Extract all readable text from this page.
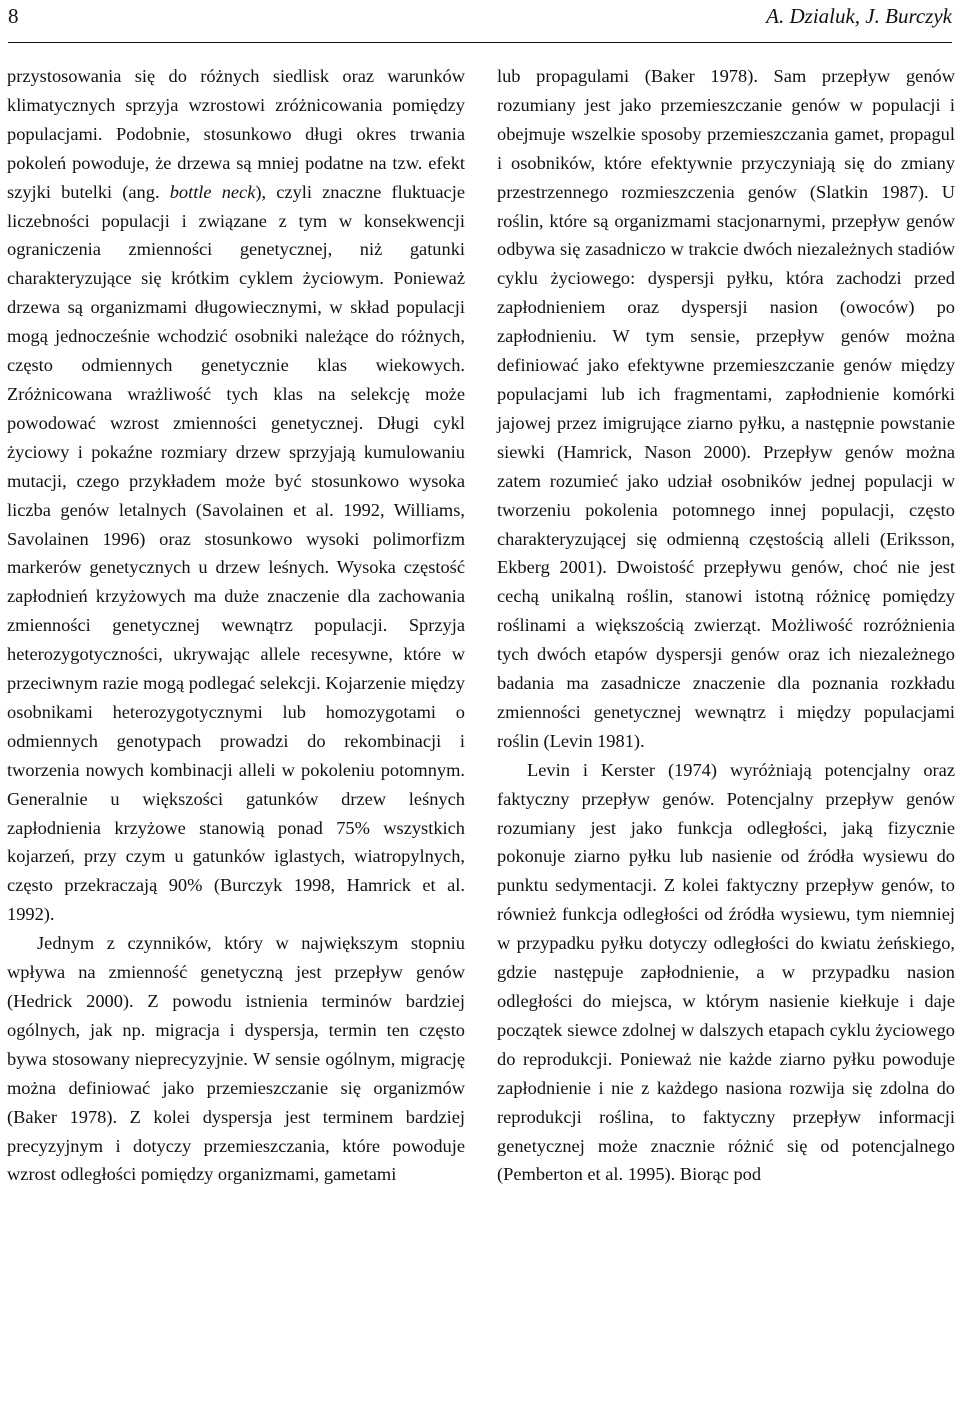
8	A. Dzialuk, J. Burczyk

przystosowania się do różnych siedlisk oraz warunków klimatycznych sprzyja wzrostowi zróżnicowania pomiędzy populacjami. Podobnie, stosunkowo długi okres trwania pokoleń powoduje, że drzewa są mniej podatne na tzw. efekt szyjki butelki (ang. bottle neck), czyli znaczne fluktuacje liczebności populacji i związane z tym w konsekwencji ograniczenia zmienności genetycznej, niż gatunki charakteryzujące się krótkim cyklem życiowym. Ponieważ drzewa są organizmami długowiecznymi, w skład populacji mogą jednocześnie wchodzić osobniki należące do różnych, często odmiennych genetycznie klas wiekowych. Zróżnicowana wrażliwość tych klas na selekcję może powodować wzrost zmienności genetycznej. Długi cykl życiowy i pokaźne rozmiary drzew sprzyjają kumulowaniu mutacji, czego przykładem może być stosunkowo wysoka liczba genów letalnych (Savolainen et al. 1992, Williams, Savolainen 1996) oraz stosunkowo wysoki polimorfizm markerów genetycznych u drzew leśnych. Wysoka częstość zapłodnień krzyżowych ma duże znaczenie dla zachowania zmienności genetycznej wewnątrz populacji. Sprzyja heterozygotyczności, ukrywając allele recesywne, które w przeciwnym razie mogą podlegać selekcji. Kojarzenie między osobnikami heterozygotycznymi lub homozygotami o odmiennych genotypach prowadzi do rekombinacji i tworzenia nowych kombinacji alleli w pokoleniu potomnym. Generalnie u większości gatunków drzew leśnych zapłodnienia krzyżowe stanowią ponad 75% wszystkich kojarzeń, przy czym u gatunków iglastych, wiatropylnych, często przekraczają 90% (Burczyk 1998, Hamrick et al. 1992).

Jednym z czynników, który w największym stopniu wpływa na zmienność genetyczną jest przepływ genów (Hedrick 2000). Z powodu istnienia terminów bardziej ogólnych, jak np. migracja i dyspersja, termin ten często bywa stosowany nieprecyzyjnie. W sensie ogólnym, migrację można definiować jako przemieszczanie się organizmów (Baker 1978). Z kolei dyspersja jest terminem bardziej precyzyjnym i dotyczy przemieszczania, które powoduje wzrost odległości pomiędzy organizmami, gametami

lub propagulami (Baker 1978). Sam przepływ genów rozumiany jest jako przemieszczanie genów w populacji i obejmuje wszelkie sposoby przemieszczania gamet, propagul i osobników, które efektywnie przyczyniają się do zmiany przestrzennego rozmieszczenia genów (Slatkin 1987). U roślin, które są organizmami stacjonarnymi, przepływ genów odbywa się zasadniczo w trakcie dwóch niezależnych stadiów cyklu życiowego: dyspersji pyłku, która zachodzi przed zapłodnieniem oraz dyspersji nasion (owoców) po zapłodnieniu. W tym sensie, przepływ genów można definiować jako efektywne przemieszczanie genów między populacjami lub ich fragmentami, zapłodnienie komórki jajowej przez imigrujące ziarno pyłku, a następnie powstanie siewki (Hamrick, Nason 2000). Przepływ genów można zatem rozumieć jako udział osobników jednej populacji w tworzeniu pokolenia potomnego innej populacji, często charakteryzującej się odmienną częstością alleli (Eriksson, Ekberg 2001). Dwoistość przepływu genów, choć nie jest cechą unikalną roślin, stanowi istotną różnicę pomiędzy roślinami a większością zwierząt. Możliwość rozróżnienia tych dwóch etapów dyspersji genów oraz ich niezależnego badania ma zasadnicze znaczenie dla poznania rozkładu zmienności genetycznej wewnątrz i między populacjami roślin (Levin 1981).

Levin i Kerster (1974) wyróżniają potencjalny oraz faktyczny przepływ genów. Potencjalny przepływ genów rozumiany jest jako funkcja odległości, jaką fizycznie pokonuje ziarno pyłku lub nasienie od źródła wysiewu do punktu sedymentacji. Z kolei faktyczny przepływ genów, to również funkcja odległości od źródła wysiewu, tym niemniej w przypadku pyłku dotyczy odległości do kwiatu żeńskiego, gdzie następuje zapłodnienie, a w przypadku nasion odległości do miejsca, w którym nasienie kiełkuje i daje początek siewce zdolnej w dalszych etapach cyklu życiowego do reprodukcji. Ponieważ nie każde ziarno pyłku powoduje zapłodnienie i nie z każdego nasiona rozwija się zdolna do reprodukcji roślina, to faktyczny przepływ informacji genetycznej może znacznie różnić się od potencjalnego (Pemberton et al. 1995). Biorąc pod
